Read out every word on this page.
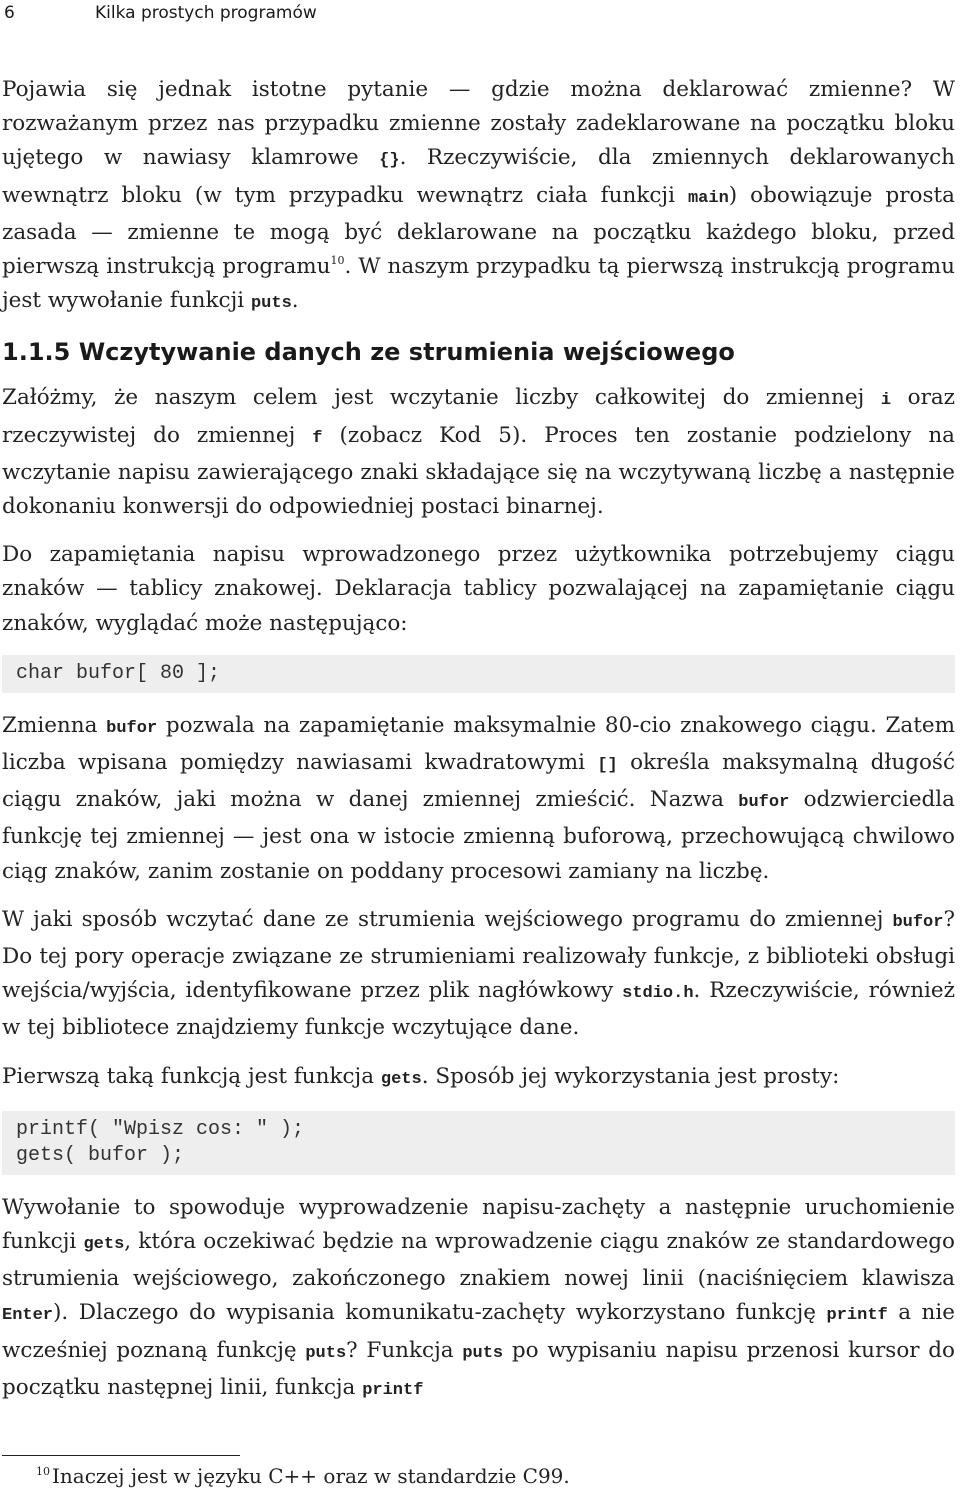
6	Kilka prostych programów

Pojawia się jednak istotne pytanie — gdzie można deklarować zmienne? W rozważanym przez nas przypadku zmienne zostały zadeklarowane na początku bloku ujętego w nawiasy klamrowe {}. Rzeczywiście, dla zmiennych deklarowanych wewnątrz bloku (w tym przypadku wewnątrz ciała funkcji main) obowiązuje prosta zasada — zmienne te mogą być deklarowane na początku każdego bloku, przed pierwszą instrukcją programu$^{10}$. W naszym przypadku tą pierwszą instrukcją programu jest wywołanie funkcji puts.

1.1.5 Wczytywanie danych ze strumienia wejściowego

Załóżmy, że naszym celem jest wczytanie liczby całkowitej do zmiennej i oraz rzeczywistej do zmiennej f (zobacz Kod 5). Proces ten zostanie podzielony na wczytanie napisu zawierającego znaki składające się na wczytywaną liczbę a następnie dokonaniu konwersji do odpowiedniej postaci binarnej.

Do zapamiętania napisu wprowadzonego przez użytkownika potrzebujemy ciągu znaków — tablicy znakowej. Deklaracja tablicy pozwalającej na zapamiętanie ciągu znaków, wyglądać może następująco:

char bufor[ 80 ];

Zmienna bufor pozwala na zapamiętanie maksymalnie 80-cio znakowego ciągu. Zatem liczba wpisana pomiędzy nawiasami kwadratowymi [] określa maksymalną długość ciągu znaków, jaki można w danej zmiennej zmieścić. Nazwa bufor odzwierciedla funkcję tej zmiennej — jest ona w istocie zmienną buforową, przechowującą chwilowo ciąg znaków, zanim zostanie on poddany procesowi zamiany na liczbę.

W jaki sposób wczytać dane ze strumienia wejściowego programu do zmiennej bufor? Do tej pory operacje związane ze strumieniami realizowały funkcje, z biblioteki obsługi wejścia/wyjścia, identyfikowane przez plik nagłówkowy stdio.h. Rzeczywiście, również w tej bibliotece znajdziemy funkcje wczytujące dane.

Pierwszą taką funkcją jest funkcja gets. Sposób jej wykorzystania jest prosty:

printf( "Wpisz cos: " );
gets( bufor );

Wywołanie to spowoduje wyprowadzenie napisu-zachęty a następnie uruchomienie funkcji gets, która oczekiwać będzie na wprowadzenie ciągu znaków ze standardowego strumienia wejściowego, zakończonego znakiem nowej linii (naciśnięciem klawisza Enter). Dlaczego do wypisania komunikatu-zachęty wykorzystano funkcję printf a nie wcześniej poznaną funkcję puts? Funkcja puts po wypisaniu napisu przenosi kursor do początku następnej linii, funkcja printf

$^{10}$ Inaczej jest w języku C++ oraz w standardzie C99.
